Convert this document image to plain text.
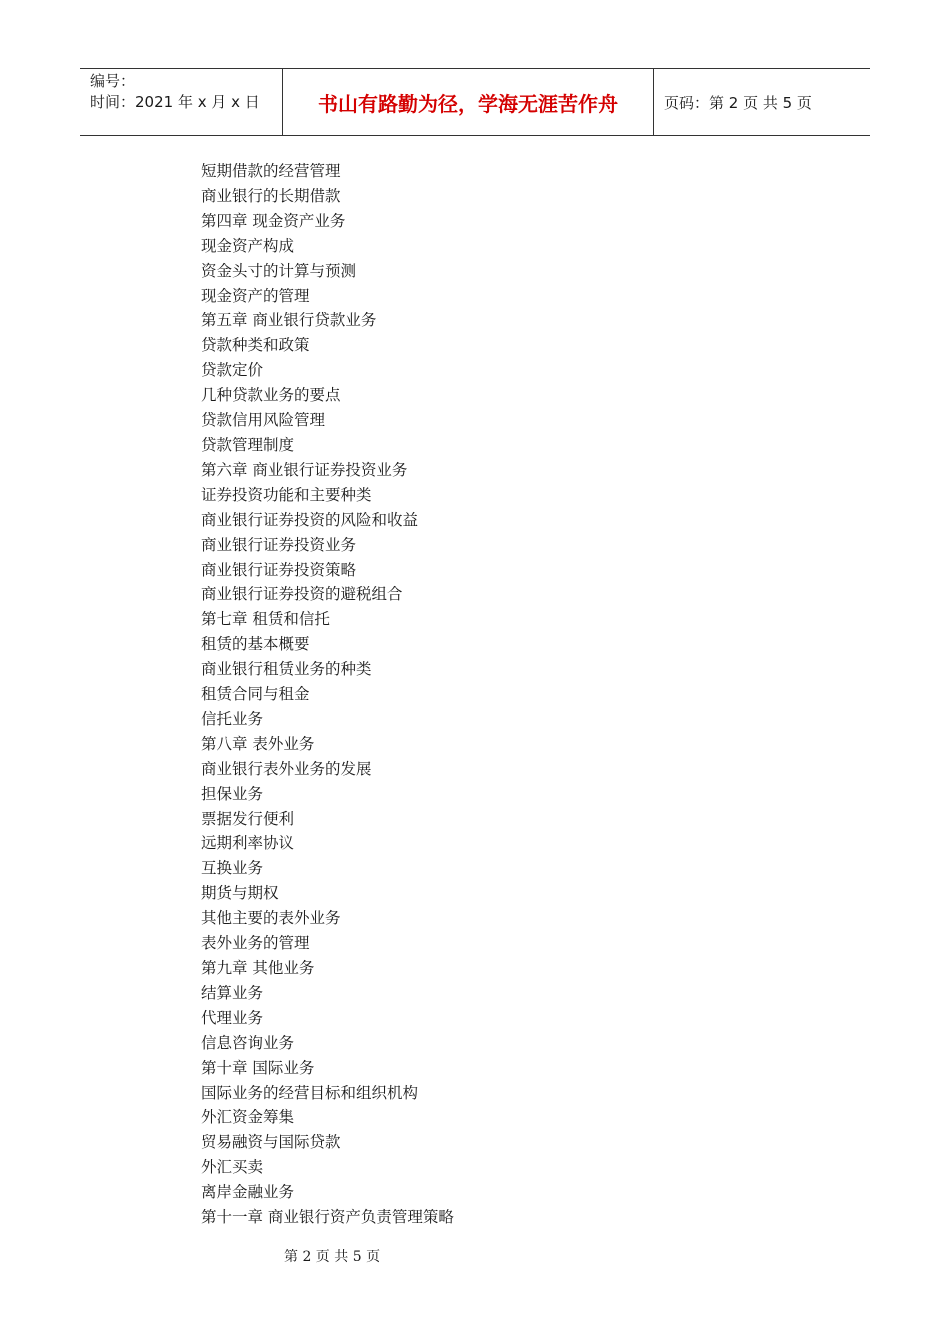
编号：
时间：2021 年 x 月 x 日	书山有路勤为径，学海无涯苦作舟	页码：第 2 页 共 5 页
短期借款的经营管理
商业银行的长期借款
第四章 现金资产业务
现金资产构成
资金头寸的计算与预测
现金资产的管理
第五章 商业银行贷款业务
贷款种类和政策
贷款定价
几种贷款业务的要点
贷款信用风险管理
贷款管理制度
第六章 商业银行证券投资业务
证券投资功能和主要种类
商业银行证券投资的风险和收益
商业银行证券投资业务
商业银行证券投资策略
商业银行证券投资的避税组合
第七章 租赁和信托
租赁的基本概要
商业银行租赁业务的种类
租赁合同与租金
信托业务
第八章 表外业务
商业银行表外业务的发展
担保业务
票据发行便利
远期利率协议
互换业务
期货与期权
其他主要的表外业务
表外业务的管理
第九章 其他业务
结算业务
代理业务
信息咨询业务
第十章 国际业务
国际业务的经营目标和组织机构
外汇资金筹集
贸易融资与国际贷款
外汇买卖
离岸金融业务
第十一章 商业银行资产负责管理策略
第 2 页 共 5 页
